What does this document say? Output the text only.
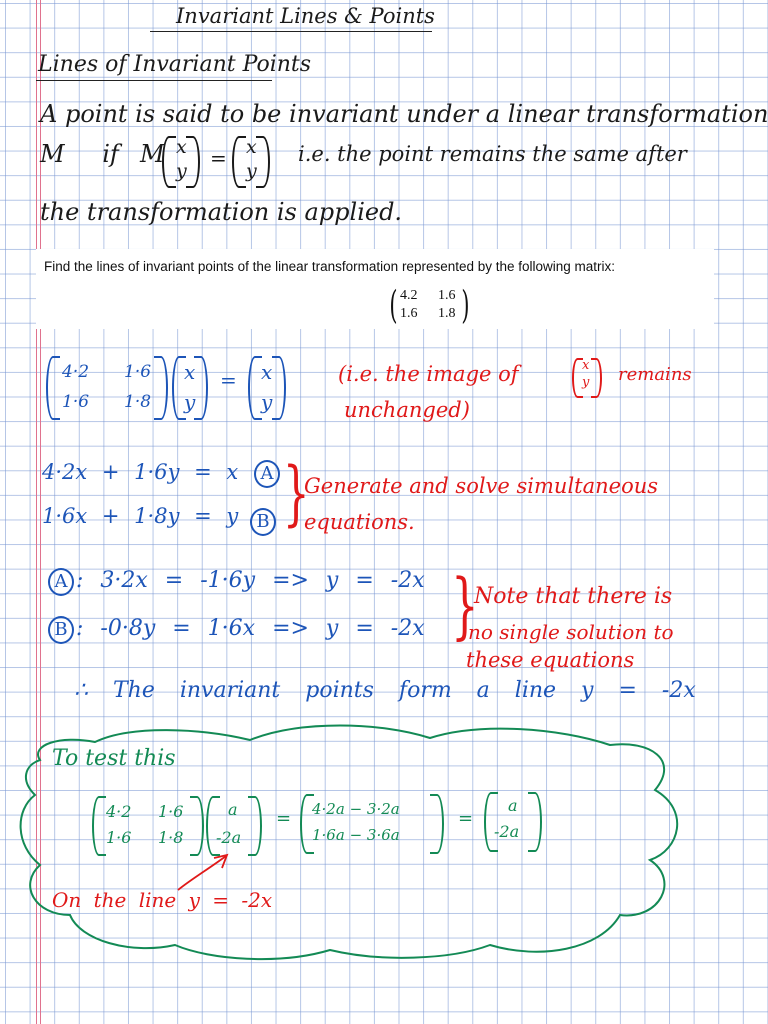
Invariant Lines & Points
Lines of Invariant Points
A point is said to be invariant under a linear transformation
M if M x
y
= x
y
i.e. the point remains the same after
the transformation is applied.
Find the lines of invariant points of the linear transformation represented by the following matrix:
( )
4.2 1.6
1.6 1.8
4·2 1·6
1·6 1·8
x
y
= x
y
(i.e. the image of	x
y remains
unchanged)
4·2x + 1·6y = x	A
1·6x + 1·8y = y	B }
Generate and solve simultaneous
equations.
A : 3·2x = -1·6y => y = -2x
B : -0·8y = 1·6x => y = -2x }
Note that there is
no single solution to
these equations
∴ The invariant points form a line y = -2x
To test this
4·2 1·6
1·6 1·8
a
-2a
= 4·2a − 3·2a
1·6a − 3·6a
=
a
-2a
On the line y = -2x
